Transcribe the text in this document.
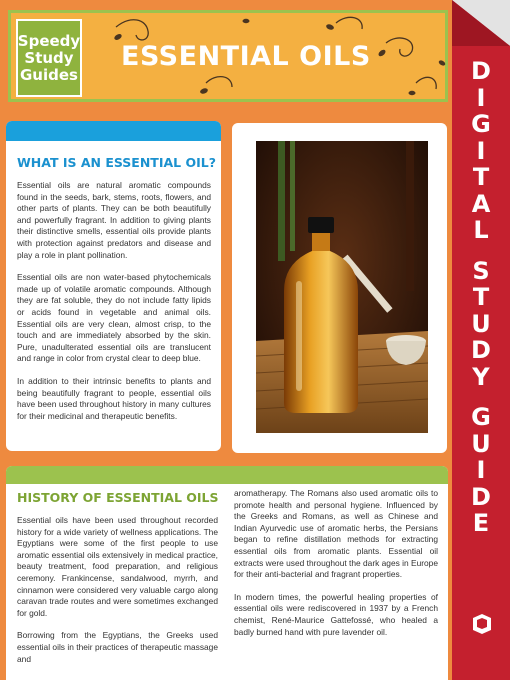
Speedy
Study
Guides
ESSENTIAL OILS
WHAT IS AN ESSENTIAL OIL?

Essential oils are natural aromatic compounds found in the seeds, bark, stems, roots, flowers, and other parts of plants. They can be both beautifully and powerfully fragrant. In addition to giving plants their distinctive smells, essential oils provide plants with protection against predators and disease and play a role in plant pollination.

Essential oils are non water-based phytochemicals made up of volatile aromatic compounds. Although they are fat soluble, they do not include fatty lipids or acids found in vegetable and animal oils. Essential oils are very clean, almost crisp, to the touch and are immediately absorbed by the skin. Pure, unadulterated essential oils are translucent and range in color from crystal clear to deep blue.

In addition to their intrinsic benefits to plants and being beautifully fragrant to people, essential oils have been used throughout history in many cultures for their medicinal and therapeutic benefits.

HISTORY OF ESSENTIAL OILS

Essential oils have been used throughout recorded history for a wide variety of wellness applications. The Egyptians were some of the first people to use aromatic essential oils extensively in medical practice, beauty treatment, food preparation, and religious ceremony. Frankincense, sandalwood, myrrh, and cinnamon were considered very valuable cargo along caravan trade routes and were sometimes exchanged for gold.

Borrowing from the Egyptians, the Greeks used essential oils in their practices of therapeutic massage and

aromatherapy. The Romans also used aromatic oils to promote health and personal hygiene. Influenced by the Greeks and Romans, as well as Chinese and Indian Ayurvedic use of aromatic herbs, the Persians began to refine distillation methods for extracting essential oils from aromatic plants. Essential oil extracts were used throughout the dark ages in Europe for their anti-bacterial and fragrant properties.

In modern times, the powerful healing properties of essential oils were rediscovered in 1937 by a French chemist, René-Maurice Gattefossé, who healed a badly burned hand with pure lavender oil.

D
I
G
I
T
A
L
S
T
U
D
Y
G
U
I
D
E
